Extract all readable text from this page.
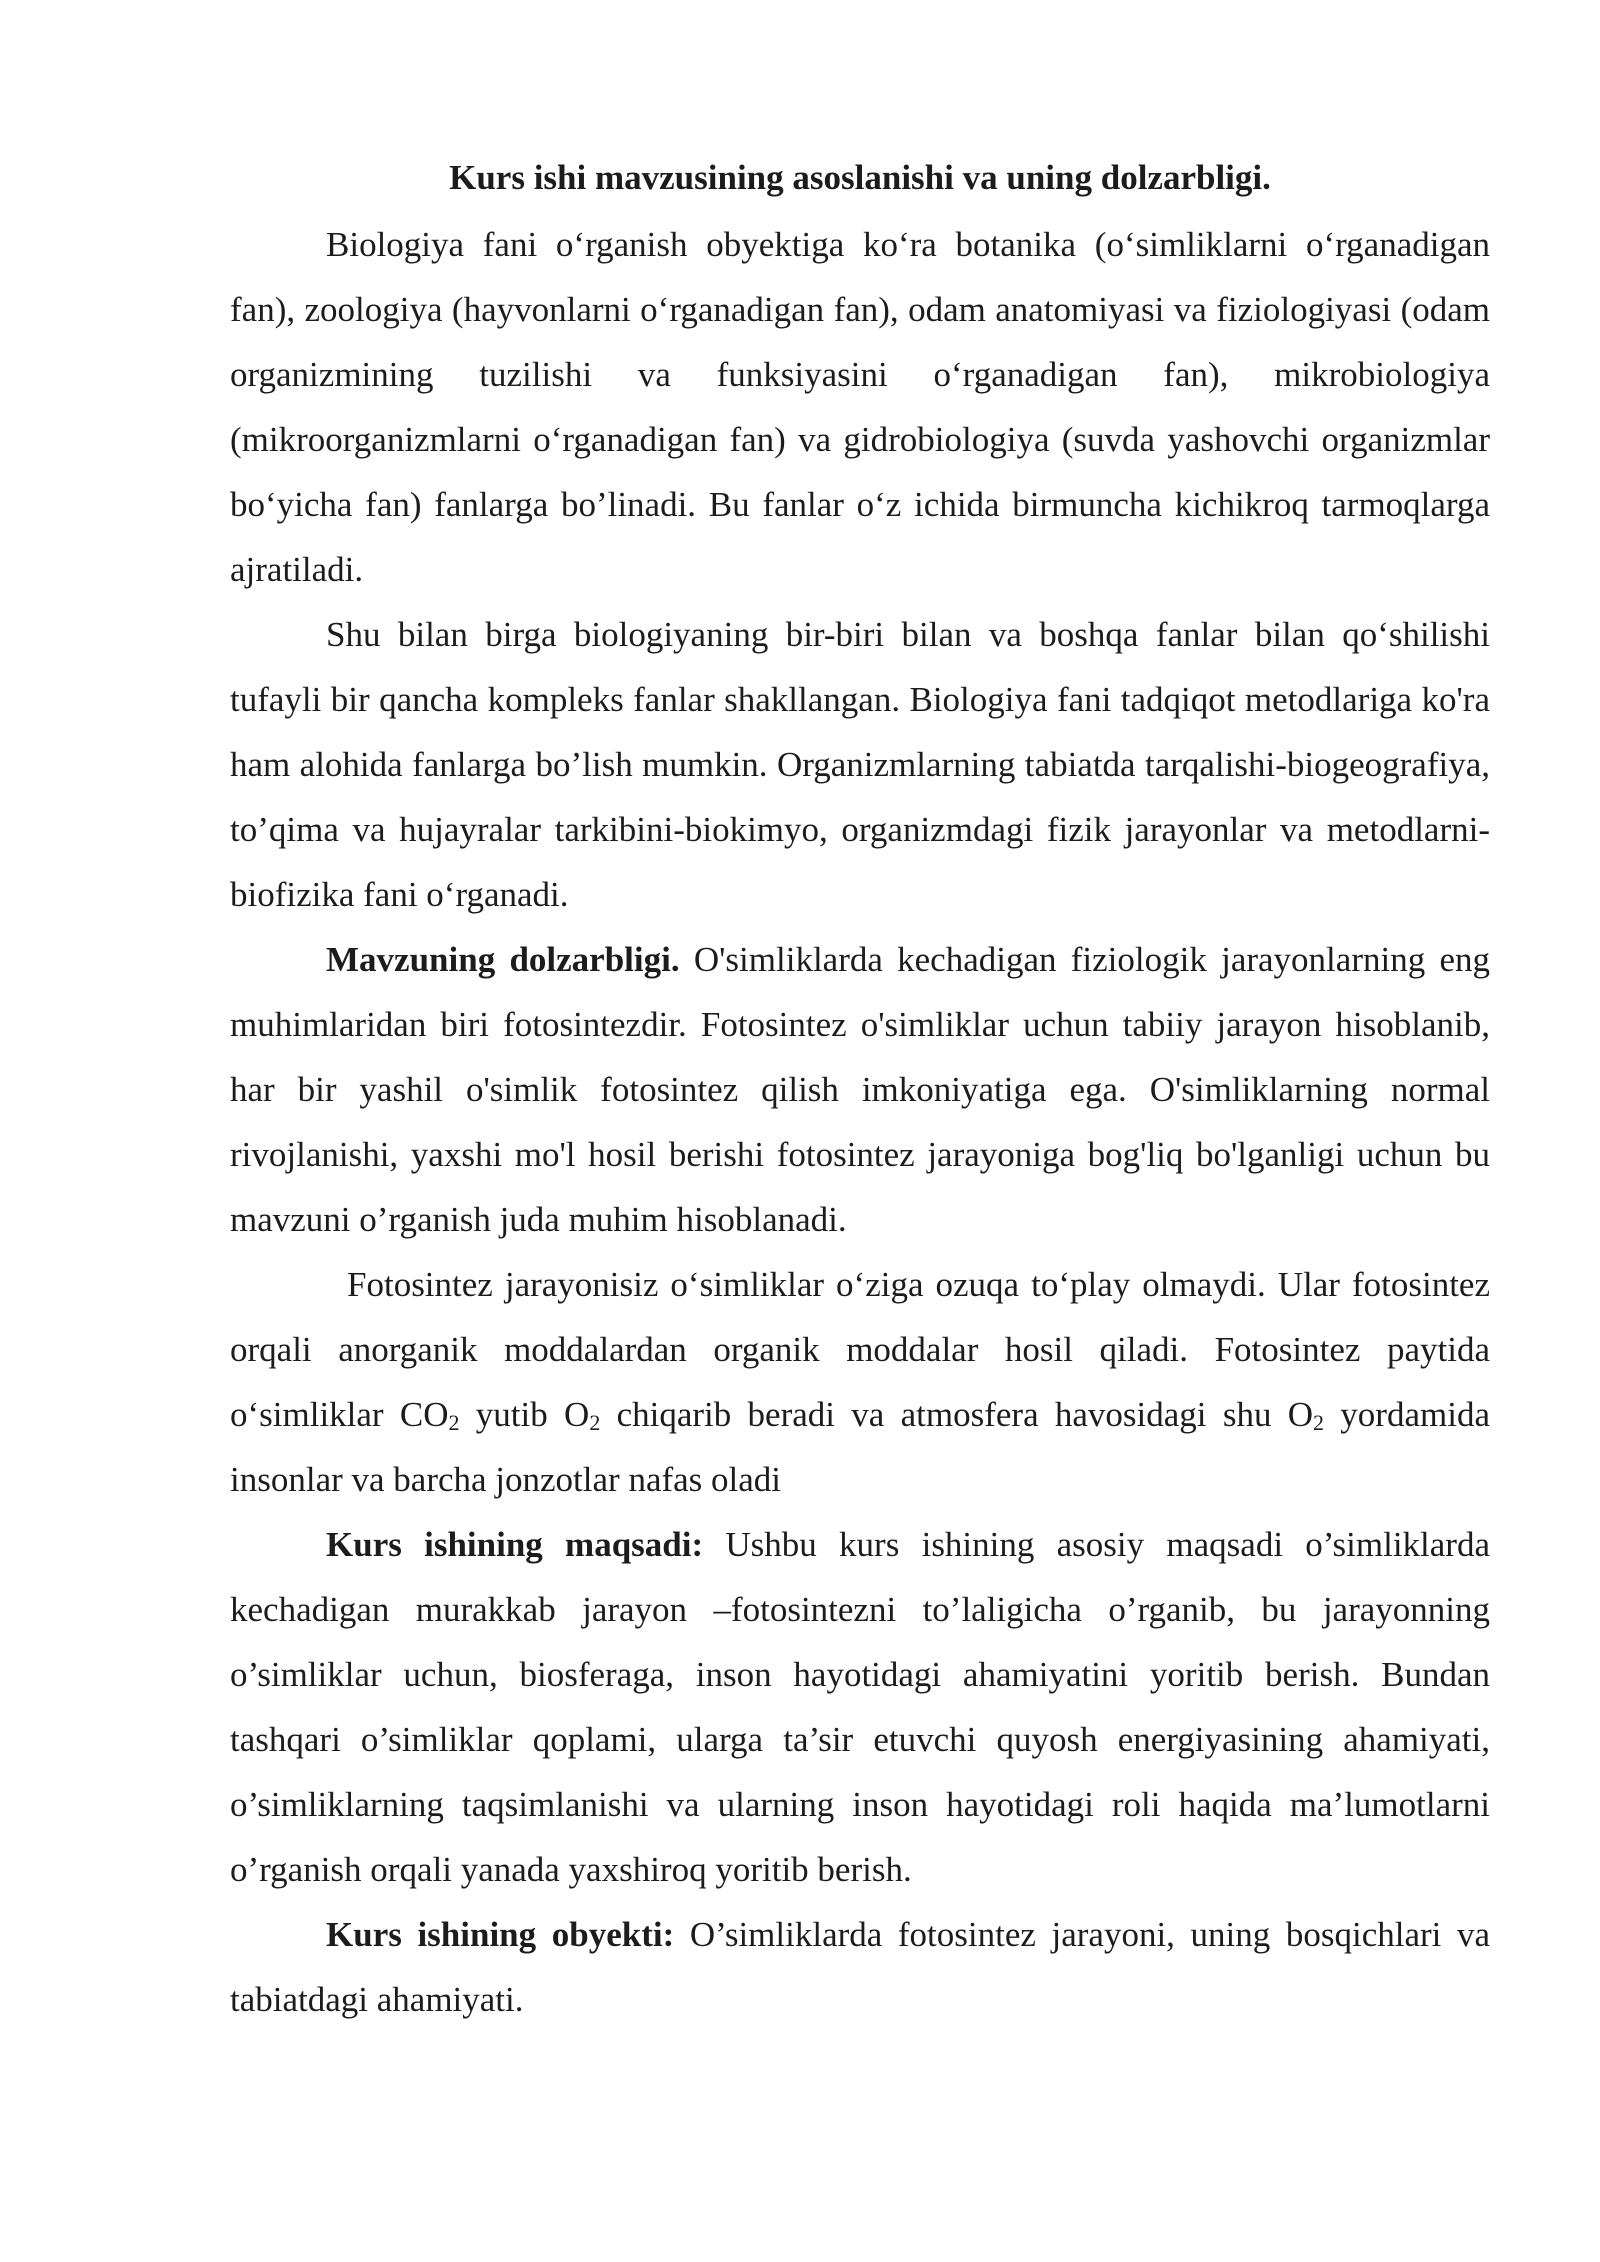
Kurs ishi mavzusining asoslanishi va uning dolzarbligi.

Biologiya fani o‘rganish obyektiga ko‘ra botanika (o‘simliklarni o‘rganadigan fan), zoologiya (hayvonlarni o‘rganadigan fan), odam anatomiyasi va fiziologiyasi (odam organizmining tuzilishi va funksiyasini o‘rganadigan fan), mikrobiologiya (mikroorganizmlarni o‘rganadigan fan) va gidrobiologiya (suvda yashovchi organizmlar bo‘yicha fan) fanlarga bo’linadi. Bu fanlar o‘z ichida birmuncha kichikroq tarmoqlarga ajratiladi.

Shu bilan birga biologiyaning bir-biri bilan va boshqa fanlar bilan qo‘shilishi tufayli bir qancha kompleks fanlar shakllangan. Biologiya fani tadqiqot metodlariga ko'ra ham alohida fanlarga bo’lish mumkin. Organizmlarning tabiatda tarqalishi-biogeografiya, to’qima va hujayralar tarkibini-biokimyo, organizmdagi fizik jarayonlar va metodlarni-biofizika fani o‘rganadi.

Mavzuning dolzarbligi. O'simliklarda kechadigan fiziologik jarayonlarning eng muhimlaridan biri fotosintezdir. Fotosintez o'simliklar uchun tabiiy jarayon hisoblanib, har bir yashil o'simlik fotosintez qilish imkoniyatiga ega. O'simliklarning normal rivojlanishi, yaxshi mo'l hosil berishi fotosintez jarayoniga bog'liq bo'lganligi uchun bu mavzuni o’rganish juda muhim hisoblanadi.

Fotosintez jarayonisiz o‘simliklar o‘ziga ozuqa to‘play olmaydi. Ular fotosintez orqali anorganik moddalardan organik moddalar hosil qiladi. Fotosintez paytida o‘simliklar $CO_2$ yutib $O_2$ chiqarib beradi va atmosfera havosidagi shu $O_2$ yordamida insonlar va barcha jonzotlar nafas oladi

Kurs ishining maqsadi: Ushbu kurs ishining asosiy maqsadi o’simliklarda kechadigan murakkab jarayon –fotosintezni to’laligicha o’rganib, bu jarayonning o’simliklar uchun, biosferaga, inson hayotidagi ahamiyatini yoritib berish. Bundan tashqari o’simliklar qoplami, ularga ta’sir etuvchi quyosh energiyasining ahamiyati, o’simliklarning taqsimlanishi va ularning inson hayotidagi roli haqida ma’lumotlarni o’rganish orqali yanada yaxshiroq yoritib berish.

Kurs ishining obyekti: O’simliklarda fotosintez jarayoni, uning bosqichlari va tabiatdagi ahamiyati.
